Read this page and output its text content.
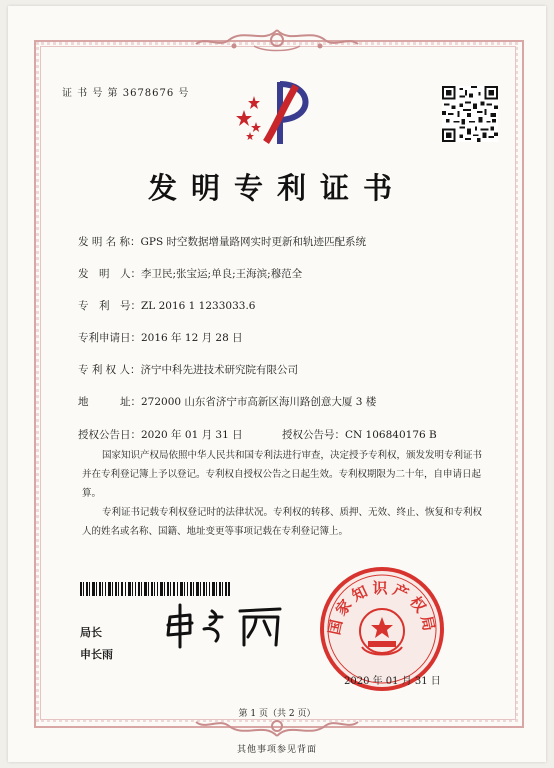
证 书 号 第 3678676 号
发明专利证书
发 明 名 称：GPS 时空数据增量路网实时更新和轨迹匹配系统
发　明　人：李卫民;张宝运;单良;王海滨;穆范全
专　利　号：ZL 2016 1 1233033.6
专利申请日：2016 年 12 月 28 日
专 利 权 人：济宁中科先进技术研究院有限公司
地　　　址：272000 山东省济宁市高新区海川路创意大厦 3 楼
授权公告日：2020 年 01 月 31 日	授权公告号：CN 106840176 B
国家知识产权局依照中华人民共和国专利法进行审查，决定授予专利权，颁发发明专利证书并在专利登记簿上予以登记。专利权自授权公告之日起生效。专利权期限为二十年，自申请日起算。
专利证书记载专利权登记时的法律状况。专利权的转移、质押、无效、终止、恢复和专利权人的姓名或名称、国籍、地址变更等事项记载在专利登记簿上。
局长
申长雨
国家知识产权局
2020 年 01 月 31 日
第 1 页（共 2 页）
其他事项参见背面
